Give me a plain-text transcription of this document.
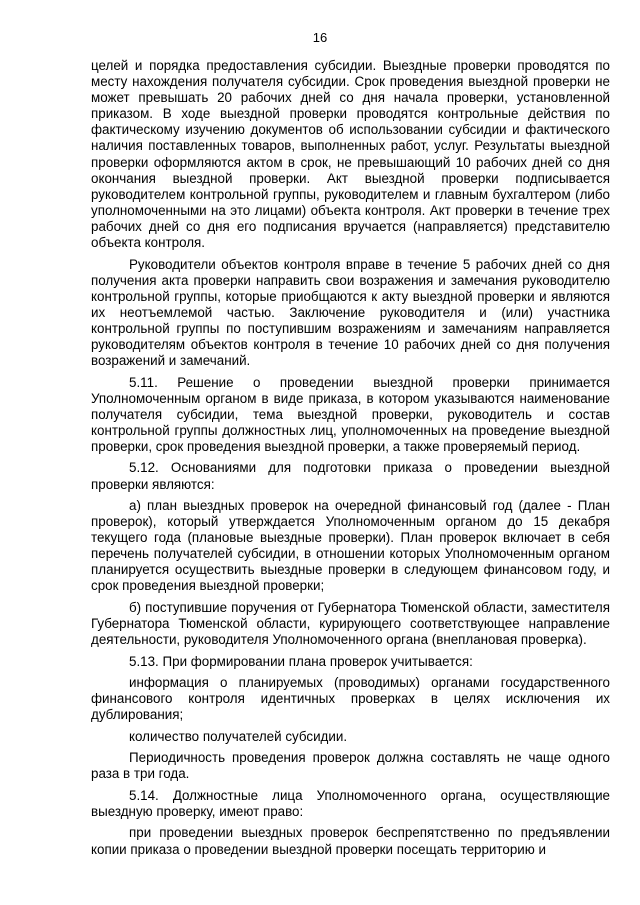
16

целей и порядка предоставления субсидии. Выездные проверки проводятся по месту нахождения получателя субсидии. Срок проведения выездной проверки не может превышать 20 рабочих дней со дня начала проверки, установленной приказом. В ходе выездной проверки проводятся контрольные действия по фактическому изучению документов об использовании субсидии и фактического наличия поставленных товаров, выполненных работ, услуг. Результаты выездной проверки оформляются актом в срок, не превышающий 10 рабочих дней со дня окончания выездной проверки. Акт выездной проверки подписывается руководителем контрольной группы, руководителем и главным бухгалтером (либо уполномоченными на это лицами) объекта контроля. Акт проверки в течение трех рабочих дней со дня его подписания вручается (направляется) представителю объекта контроля.

Руководители объектов контроля вправе в течение 5 рабочих дней со дня получения акта проверки направить свои возражения и замечания руководителю контрольной группы, которые приобщаются к акту выездной проверки и являются их неотъемлемой частью. Заключение руководителя и (или) участника контрольной группы по поступившим возражениям и замечаниям направляется руководителям объектов контроля в течение 10 рабочих дней со дня получения возражений и замечаний.

5.11. Решение о проведении выездной проверки принимается Уполномоченным органом в виде приказа, в котором указываются наименование получателя субсидии, тема выездной проверки, руководитель и состав контрольной группы должностных лиц, уполномоченных на проведение выездной проверки, срок проведения выездной проверки, а также проверяемый период.

5.12. Основаниями для подготовки приказа о проведении выездной проверки являются:

а) план выездных проверок на очередной финансовый год (далее - План проверок), который утверждается Уполномоченным органом до 15 декабря текущего года (плановые выездные проверки). План проверок включает в себя перечень получателей субсидии, в отношении которых Уполномоченным органом планируется осуществить выездные проверки в следующем финансовом году, и срок проведения выездной проверки;

б) поступившие поручения от Губернатора Тюменской области, заместителя Губернатора Тюменской области, курирующего соответствующее направление деятельности, руководителя Уполномоченного органа (внеплановая проверка).

5.13. При формировании плана проверок учитывается:

информация о планируемых (проводимых) органами государственного финансового контроля идентичных проверках в целях исключения их дублирования;

количество получателей субсидии.

Периодичность проведения проверок должна составлять не чаще одного раза в три года.

5.14. Должностные лица Уполномоченного органа, осуществляющие выездную проверку, имеют право:

при проведении выездных проверок беспрепятственно по предъявлении копии приказа о проведении выездной проверки посещать территорию и
